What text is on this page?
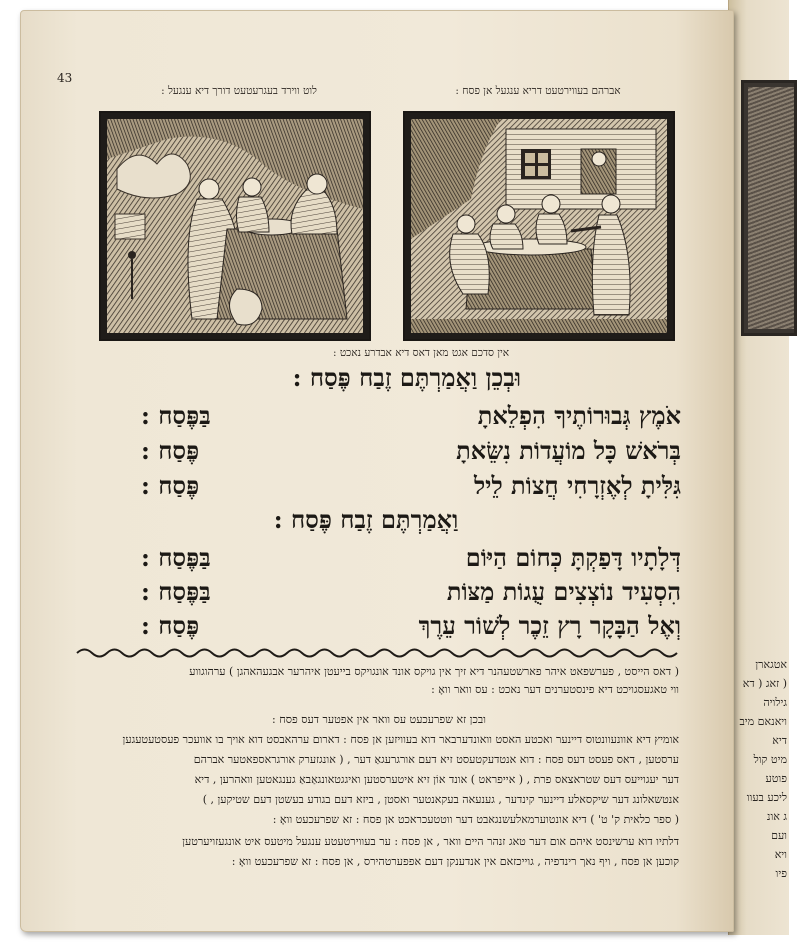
אטגארן
( זאג ( דא
גילויה
ויאנאם מיב
דיא
מיט קול
פוטע
ליכע בעוו
ג אונ
ועם
ויא
פיו
43
לוט ווירד בעגרעטעט דורך דיא ענגעל :	אברהם בעווירטעט דריא ענגעל אן פסח :
אין סדכם אגט מאן דאס דיא אבדרע נאכט :
וּבְכֵן וַאֲמַרְתֶּם זֶבַח פֶּסַח :
אֹמֶץ גְּבוּרוֹתֶיךָ הִפְלֵאתָ
בַּפֶּסַח :
בְּרֹאשׁ כָּל מוֹעֲדוֹת נִשֵּׂאתָ
פֶּסַח :
גִּלִּיתָ לְאֶזְרָחִי חֲצוֹת לֵיל
פֶּסַח :
וַאֲמַרְתֶּם זֶבַח פֶּסַח :
דְּלָתָיו דָּפַקְתָּ כְּחוֹם הַיּוֹם
בַּפֶּסַח :
הִסְעִיד נוֹצְצִים עֻגוֹת מַצּוֹת
בַּפֶּסַח :
וְאֶל הַבָּקָר רָץ זֵכֶר לְשׁוֹר עֵרֶךְ
פֶּסַח :
( דאס הייסט , פערשפאט איהר פארשטעהנר דיא זיך אין גויקס אונד אונגויקס בייעטן איהרער אבגעהאהגן ) ערהוגווע
ווי טאגעסגויכט דיא פינסטערנים דער נאכט : עס וואר וואָ :
ובכן זא שפרעכעט עס וואר אין אפטער דעס פסח :
אומיץ דיא אוונעוונטוס דיינער ואכטע האסט וואונדערבאר דוא בעוויזען אן פסח : דארום ערהאבסט דוא אויך בו אוועכר פעסטעטעגען
ערסטען , דאס פעסט דעס פסח : דוא אנטדעקטעסט זיא דעם אורגרעגאַ דער , ( אונגזערק אורגראספאטער אברהם
דער יעגוייעס דעס שטראצאס פרת , ( אייפראט ) אונד אוֹן זיא איטערסטען ואיגגטאונגאַבאַ גענגאטען וואהרען , דיא
אנטשאלונג דער שיקסאלע דיינער קינדער , גענעאה בעקאנטער ואסטן , ביזא דעם בגודע בעשטן דעם שטיקען , )
( ספר כלאית ק' ט' ) דיא אונטוערמאלעשנגאבט דער ווטטעכראכט אן פסח : זא שפרעכעט וואָ :
דלתיו דוא ערשינסט איהם אום דער טאג זנהר היים וואר , אן פסח : ער בעווירטעטע ענגעל מיטעס איט אונגעזויערטען
קוכען אן פסח , ויף נאך רינדפיה , גוייכזאם אין אנדענקן דעם אפפערטהירס , אן פסח : זא שפרעכעט וואָ :
